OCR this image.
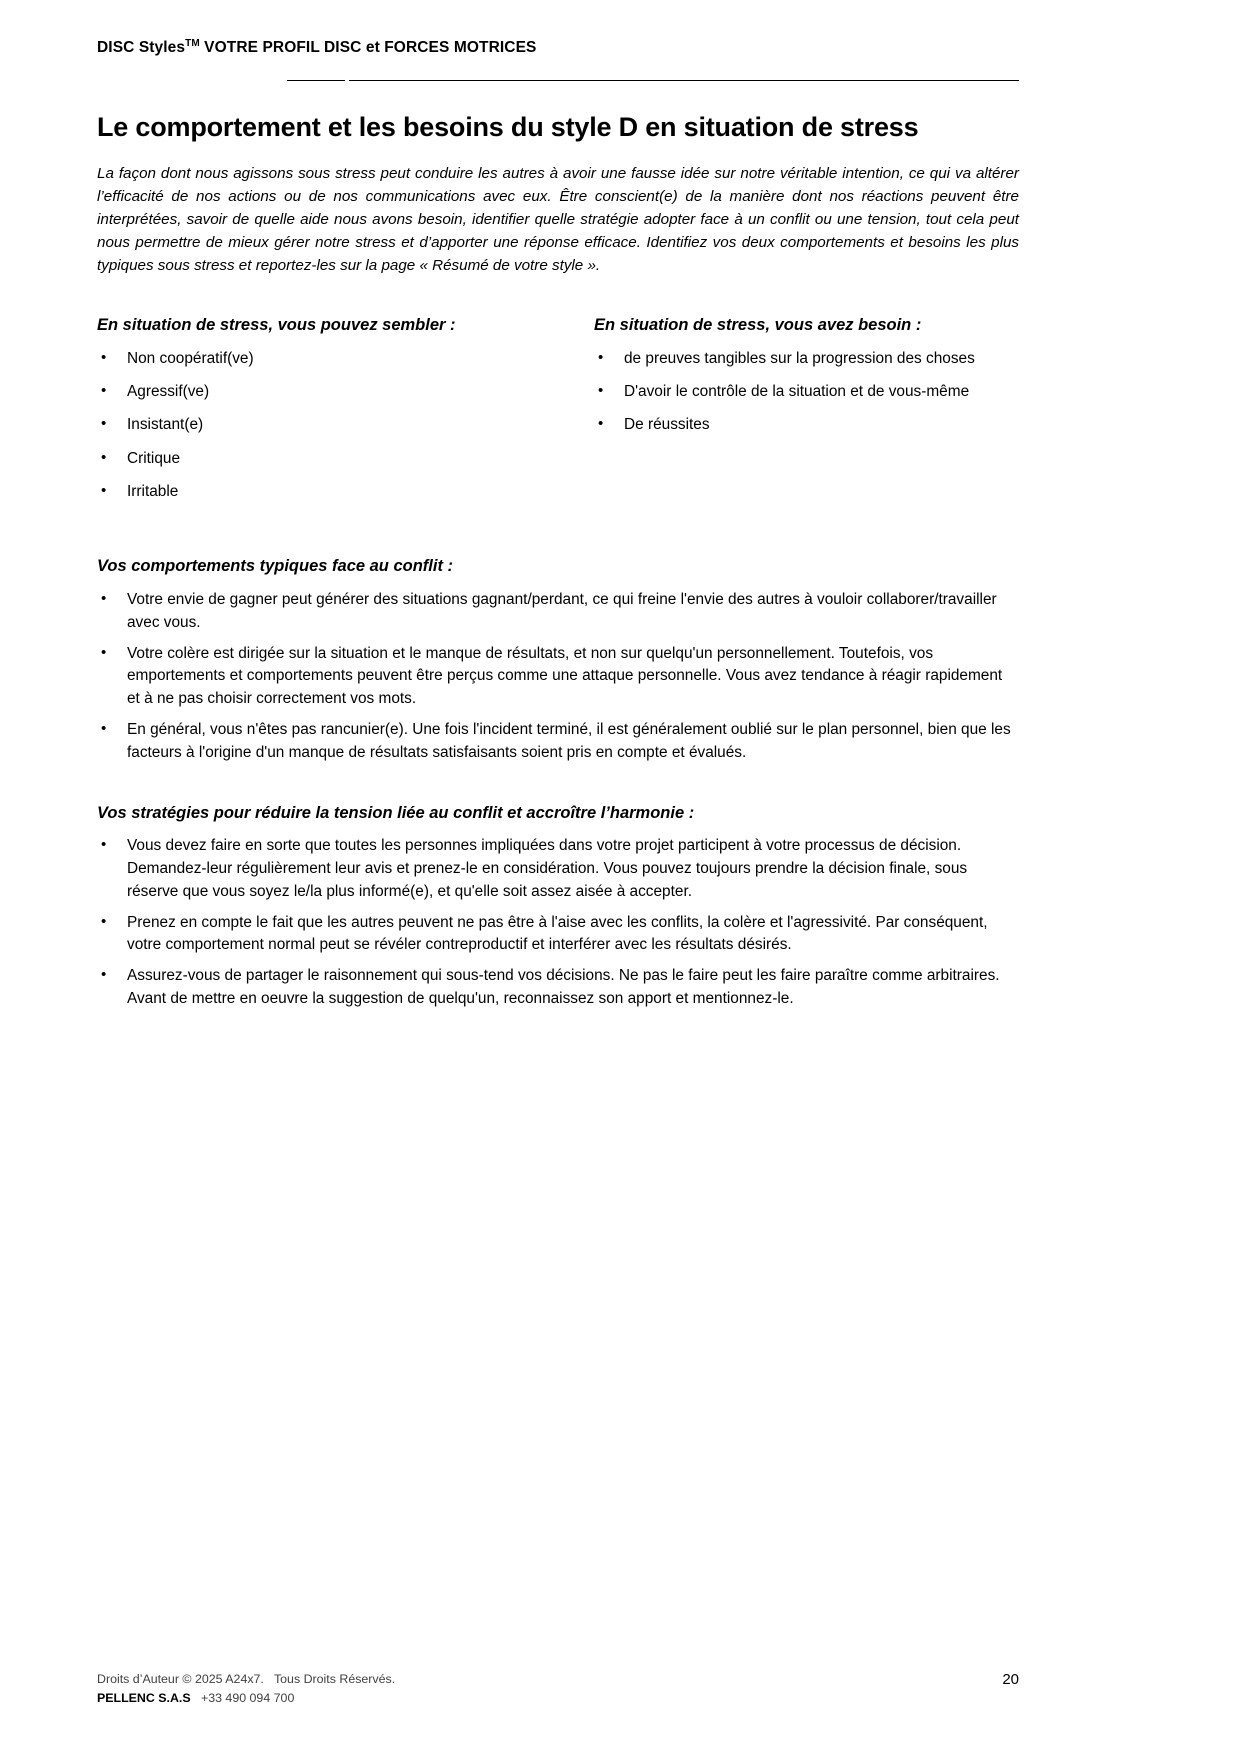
DISC Styles™ VOTRE PROFIL DISC et FORCES MOTRICES
Le comportement et les besoins du style D en situation de stress

La façon dont nous agissons sous stress peut conduire les autres à avoir une fausse idée sur notre véritable intention, ce qui va altérer l’efficacité de nos actions ou de nos communications avec eux. Être conscient(e) de la manière dont nos réactions peuvent être interprétées, savoir de quelle aide nous avons besoin, identifier quelle stratégie adopter face à un conflit ou une tension, tout cela peut nous permettre de mieux gérer notre stress et d’apporter une réponse efficace. Identifiez vos deux comportements et besoins les plus typiques sous stress et reportez-les sur la page « Résumé de votre style ».

En situation de stress, vous pouvez sembler :
• Non coopératif(ve)
• Agressif(ve)
• Insistant(e)
• Critique
• Irritable
En situation de stress, vous avez besoin :
• de preuves tangibles sur la progression des choses
• D'avoir le contrôle de la situation et de vous-même
• De réussites
Vos comportements typiques face au conflit :
• Votre envie de gagner peut générer des situations gagnant/perdant, ce qui freine l'envie des autres à vouloir collaborer/travailler avec vous.
• Votre colère est dirigée sur la situation et le manque de résultats, et non sur quelqu'un personnellement. Toutefois, vos emportements et comportements peuvent être perçus comme une attaque personnelle. Vous avez tendance à réagir rapidement et à ne pas choisir correctement vos mots.
• En général, vous n'êtes pas rancunier(e). Une fois l'incident terminé, il est généralement oublié sur le plan personnel, bien que les facteurs à l'origine d'un manque de résultats satisfaisants soient pris en compte et évalués.
Vos stratégies pour réduire la tension liée au conflit et accroître l’harmonie :
• Vous devez faire en sorte que toutes les personnes impliquées dans votre projet participent à votre processus de décision. Demandez-leur régulièrement leur avis et prenez-le en considération. Vous pouvez toujours prendre la décision finale, sous réserve que vous soyez le/la plus informé(e), et qu'elle soit assez aisée à accepter.
• Prenez en compte le fait que les autres peuvent ne pas être à l'aise avec les conflits, la colère et l'agressivité. Par conséquent, votre comportement normal peut se révéler contreproductif et interférer avec les résultats désirés.
• Assurez-vous de partager le raisonnement qui sous-tend vos décisions. Ne pas le faire peut les faire paraître comme arbitraires. Avant de mettre en oeuvre la suggestion de quelqu'un, reconnaissez son apport et mentionnez-le.
Droits d’Auteur © 2025 A24x7.   Tous Droits Réservés.
PELLENC S.A.S   +33 490 094 700
20
